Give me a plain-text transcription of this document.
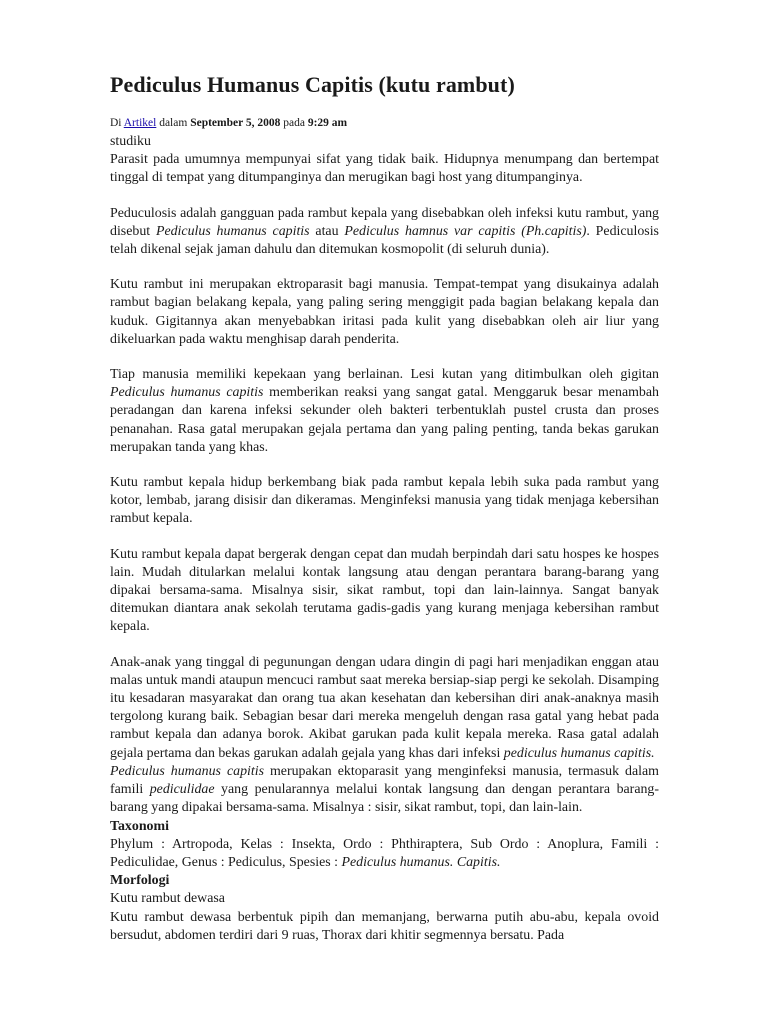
Pediculus Humanus Capitis (kutu rambut)
Di Artikel dalam September 5, 2008 pada 9:29 am

studiku

Parasit pada umumnya mempunyai sifat yang tidak baik. Hidupnya menumpang dan bertempat tinggal di tempat yang ditumpanginya dan merugikan bagi host yang ditumpanginya.

Peduculosis adalah gangguan pada rambut kepala yang disebabkan oleh infeksi kutu rambut, yang disebut Pediculus humanus capitis atau Pediculus hamnus var capitis (Ph.capitis). Pediculosis telah dikenal sejak jaman dahulu dan ditemukan kosmopolit (di seluruh dunia).

Kutu rambut ini merupakan ektroparasit bagi manusia. Tempat-tempat yang disukainya adalah rambut bagian belakang kepala, yang paling sering menggigit pada bagian belakang kepala dan kuduk. Gigitannya akan menyebabkan iritasi pada kulit yang disebabkan oleh air liur yang dikeluarkan pada waktu menghisap darah penderita.

Tiap manusia memiliki kepekaan yang berlainan. Lesi kutan yang ditimbulkan oleh gigitan Pediculus humanus capitis memberikan reaksi yang sangat gatal. Menggaruk besar menambah peradangan dan karena infeksi sekunder oleh bakteri terbentuklah pustel crusta dan proses penanahan. Rasa gatal merupakan gejala pertama dan yang paling penting, tanda bekas garukan merupakan tanda yang khas.

Kutu rambut kepala hidup berkembang biak pada rambut kepala lebih suka pada rambut yang kotor, lembab, jarang disisir dan dikeramas. Menginfeksi manusia yang tidak menjaga kebersihan rambut kepala.

Kutu rambut kepala dapat bergerak dengan cepat dan mudah berpindah dari satu hospes ke hospes lain. Mudah ditularkan melalui kontak langsung atau dengan perantara barang-barang yang dipakai bersama-sama. Misalnya sisir, sikat rambut, topi dan lain-lainnya. Sangat banyak ditemukan diantara anak sekolah terutama gadis-gadis yang kurang menjaga kebersihan rambut kepala.

Anak-anak yang tinggal di pegunungan dengan udara dingin di pagi hari menjadikan enggan atau malas untuk mandi ataupun mencuci rambut saat mereka bersiap-siap pergi ke sekolah. Disamping itu kesadaran masyarakat dan orang tua akan kesehatan dan kebersihan diri anak-anaknya masih tergolong kurang baik. Sebagian besar dari mereka mengeluh dengan rasa gatal yang hebat pada rambut kepala dan adanya borok. Akibat garukan pada kulit kepala mereka. Rasa gatal adalah gejala pertama dan bekas garukan adalah gejala yang khas dari infeksi pediculus humanus capitis.

Pediculus humanus capitis merupakan ektoparasit yang menginfeksi manusia, termasuk dalam famili pediculidae yang penularannya melalui kontak langsung dan dengan perantara barang-barang yang dipakai bersama-sama. Misalnya : sisir, sikat rambut, topi, dan lain-lain.

Taxonomi

Phylum : Artropoda, Kelas : Insekta, Ordo : Phthiraptera, Sub Ordo : Anoplura, Famili : Pediculidae, Genus : Pediculus, Spesies : Pediculus humanus. Capitis.

Morfologi

Kutu rambut dewasa

Kutu rambut dewasa berbentuk pipih dan memanjang, berwarna putih abu-abu, kepala ovoid bersudut, abdomen terdiri dari 9 ruas, Thorax dari khitir segmennya bersatu. Pada
